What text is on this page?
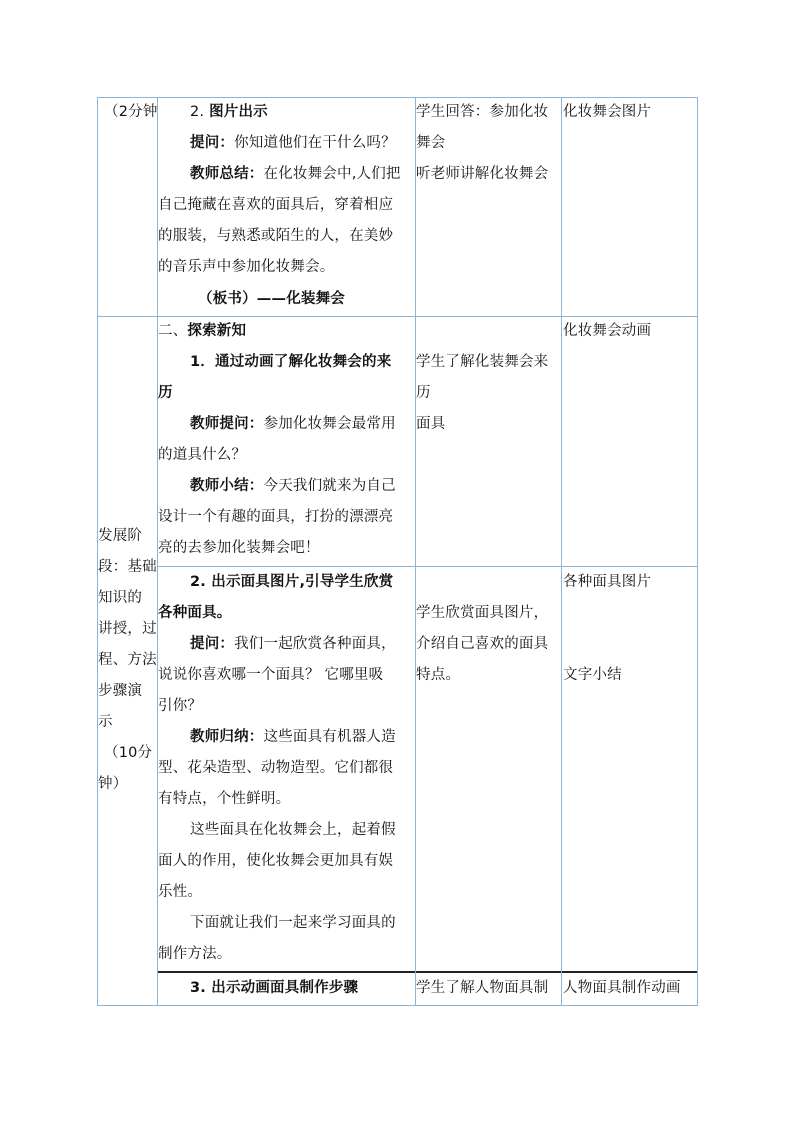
（2分钟 2. 图片出示
提问：你知道他们在干什么吗？
教师总结：在化妆舞会中,人们把
自己掩藏在喜欢的面具后，穿着相应
的服装，与熟悉或陌生的人，在美妙
的音乐声中参加化妆舞会。
（板书）——化装舞会
学生回答：参加化妆
舞会
听老师讲解化妆舞会
化妆舞会图片
发展阶
段：基础
知识的
讲授，过
程、方法
步骤演
示
（10分
钟）
二、探索新知
1．通过动画了解化妆舞会的来
历
教师提问：参加化妆舞会最常用
的道具什么？
教师小结：今天我们就来为自己
设计一个有趣的面具，打扮的漂漂亮
亮的去参加化装舞会吧！
学生了解化装舞会来
历
面具
化妆舞会动画
2. 出示面具图片,引导学生欣赏
各种面具。
提问：我们一起欣赏各种面具，
说说你喜欢哪一个面具？ 它哪里吸
引你？
教师归纳：这些面具有机器人造
型、花朵造型、动物造型。它们都很
有特点，个性鲜明。
这些面具在化妆舞会上，起着假
面人的作用，使化妆舞会更加具有娱
乐性。
下面就让我们一起来学习面具的
制作方法。
学生欣赏面具图片，
介绍自己喜欢的面具
特点。
各种面具图片
文字小结
3. 出示动画面具制作步骤	学生了解人物面具制 人物面具制作动画
